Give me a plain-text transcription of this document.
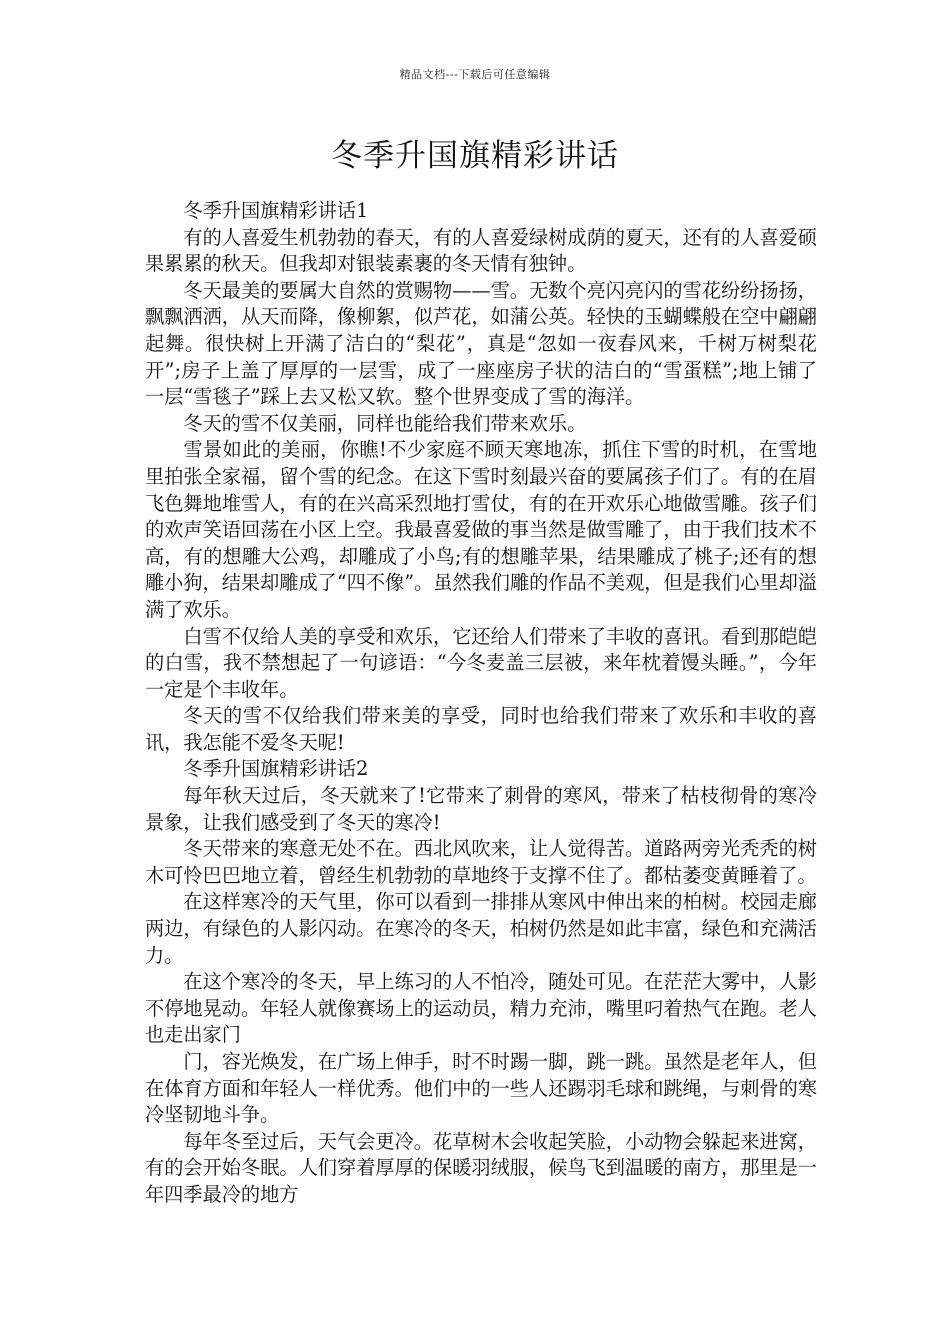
精品文档---下载后可任意编辑
冬季升国旗精彩讲话

冬季升国旗精彩讲话1

有的人喜爱生机勃勃的春天，有的人喜爱绿树成荫的夏天，还有的人喜爱硕果累累的秋天。但我却对银装素裹的冬天情有独钟。

冬天最美的要属大自然的赏赐物——雪。无数个亮闪亮闪的雪花纷纷扬扬，飘飘洒洒，从天而降，像柳絮，似芦花，如蒲公英。轻快的玉蝴蝶般在空中翩翩起舞。很快树上开满了洁白的“梨花”，真是“忽如一夜春风来，千树万树梨花开”;房子上盖了厚厚的一层雪，成了一座座房子状的洁白的“雪蛋糕”;地上铺了一层“雪毯子”踩上去又松又软。整个世界变成了雪的海洋。

冬天的雪不仅美丽，同样也能给我们带来欢乐。

雪景如此的美丽，你瞧!不少家庭不顾天寒地冻，抓住下雪的时机，在雪地里拍张全家福，留个雪的纪念。在这下雪时刻最兴奋的要属孩子们了。有的在眉飞色舞地堆雪人，有的在兴高采烈地打雪仗，有的在开欢乐心地做雪雕。孩子们的欢声笑语回荡在小区上空。我最喜爱做的事当然是做雪雕了，由于我们技术不高，有的想雕大公鸡，却雕成了小鸟;有的想雕苹果，结果雕成了桃子;还有的想雕小狗，结果却雕成了“四不像”。虽然我们雕的作品不美观，但是我们心里却溢满了欢乐。

白雪不仅给人美的享受和欢乐，它还给人们带来了丰收的喜讯。看到那皑皑的白雪，我不禁想起了一句谚语：“今冬麦盖三层被，来年枕着馒头睡。”，今年一定是个丰收年。

冬天的雪不仅给我们带来美的享受，同时也给我们带来了欢乐和丰收的喜讯，我怎能不爱冬天呢!

冬季升国旗精彩讲话2

每年秋天过后，冬天就来了!它带来了刺骨的寒风，带来了枯枝彻骨的寒冷景象，让我们感受到了冬天的寒冷!

冬天带来的寒意无处不在。西北风吹来，让人觉得苦。道路两旁光秃秃的树木可怜巴巴地立着，曾经生机勃勃的草地终于支撑不住了。都枯萎变黄睡着了。

在这样寒冷的天气里，你可以看到一排排从寒风中伸出来的柏树。校园走廊两边，有绿色的人影闪动。在寒冷的冬天，柏树仍然是如此丰富，绿色和充满活力。

在这个寒冷的冬天，早上练习的人不怕冷，随处可见。在茫茫大雾中，人影不停地晃动。年轻人就像赛场上的运动员，精力充沛，嘴里叼着热气在跑。老人也走出家门

门，容光焕发，在广场上伸手，时不时踢一脚，跳一跳。虽然是老年人，但在体育方面和年轻人一样优秀。他们中的一些人还踢羽毛球和跳绳，与刺骨的寒冷坚韧地斗争。

每年冬至过后，天气会更冷。花草树木会收起笑脸，小动物会躲起来进窝，有的会开始冬眠。人们穿着厚厚的保暖羽绒服，候鸟飞到温暖的南方，那里是一年四季最冷的地方
